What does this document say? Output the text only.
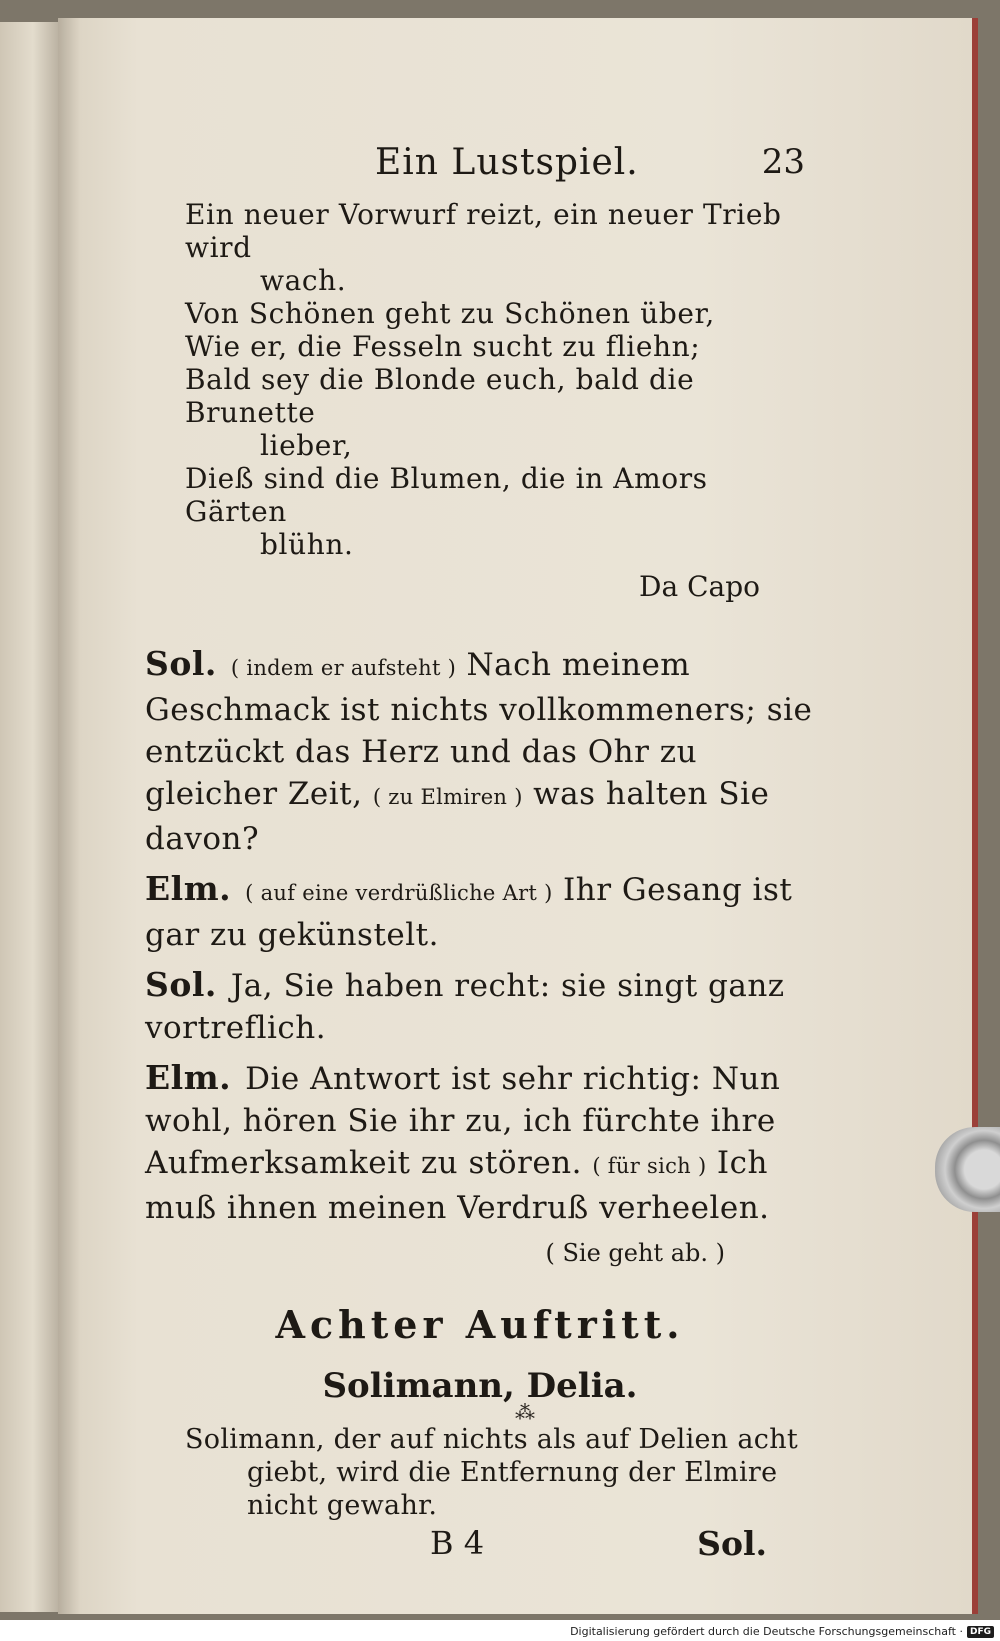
Ein Lustspiel.	23
Ein neuer Vorwurf reizt, ein neuer Trieb wird
wach.
Von Schönen geht zu Schönen über,
Wie er, die Fesseln sucht zu fliehn;
Bald sey die Blonde euch, bald die Brunette
lieber,
Dieß sind die Blumen, die in Amors Gärten
blühn.
Da Capo

Sol. ( indem er aufsteht ) Nach meinem Geschmack ist nichts vollkommeners; sie entzückt das Herz und das Ohr zu gleicher Zeit, ( zu Elmiren ) was halten Sie davon?

Elm. ( auf eine verdrüßliche Art ) Ihr Gesang ist gar zu gekünstelt.

Sol. Ja, Sie haben recht: sie singt ganz vortreflich.

Elm. Die Antwort ist sehr richtig: Nun wohl, hören Sie ihr zu, ich fürchte ihre Aufmerksamkeit zu stören. ( für sich ) Ich muß ihnen meinen Verdruß verheelen.

( Sie geht ab. )
Achter Auftritt.
Solimann, Delia.
Solimann, der auf nichts als auf Delien acht
giebt, wird die Entfernung der Elmire nicht gewahr.
B 4	Sol.
⁂
Digitalisierung gefördert durch die Deutsche Forschungsgemeinschaft · DFG
